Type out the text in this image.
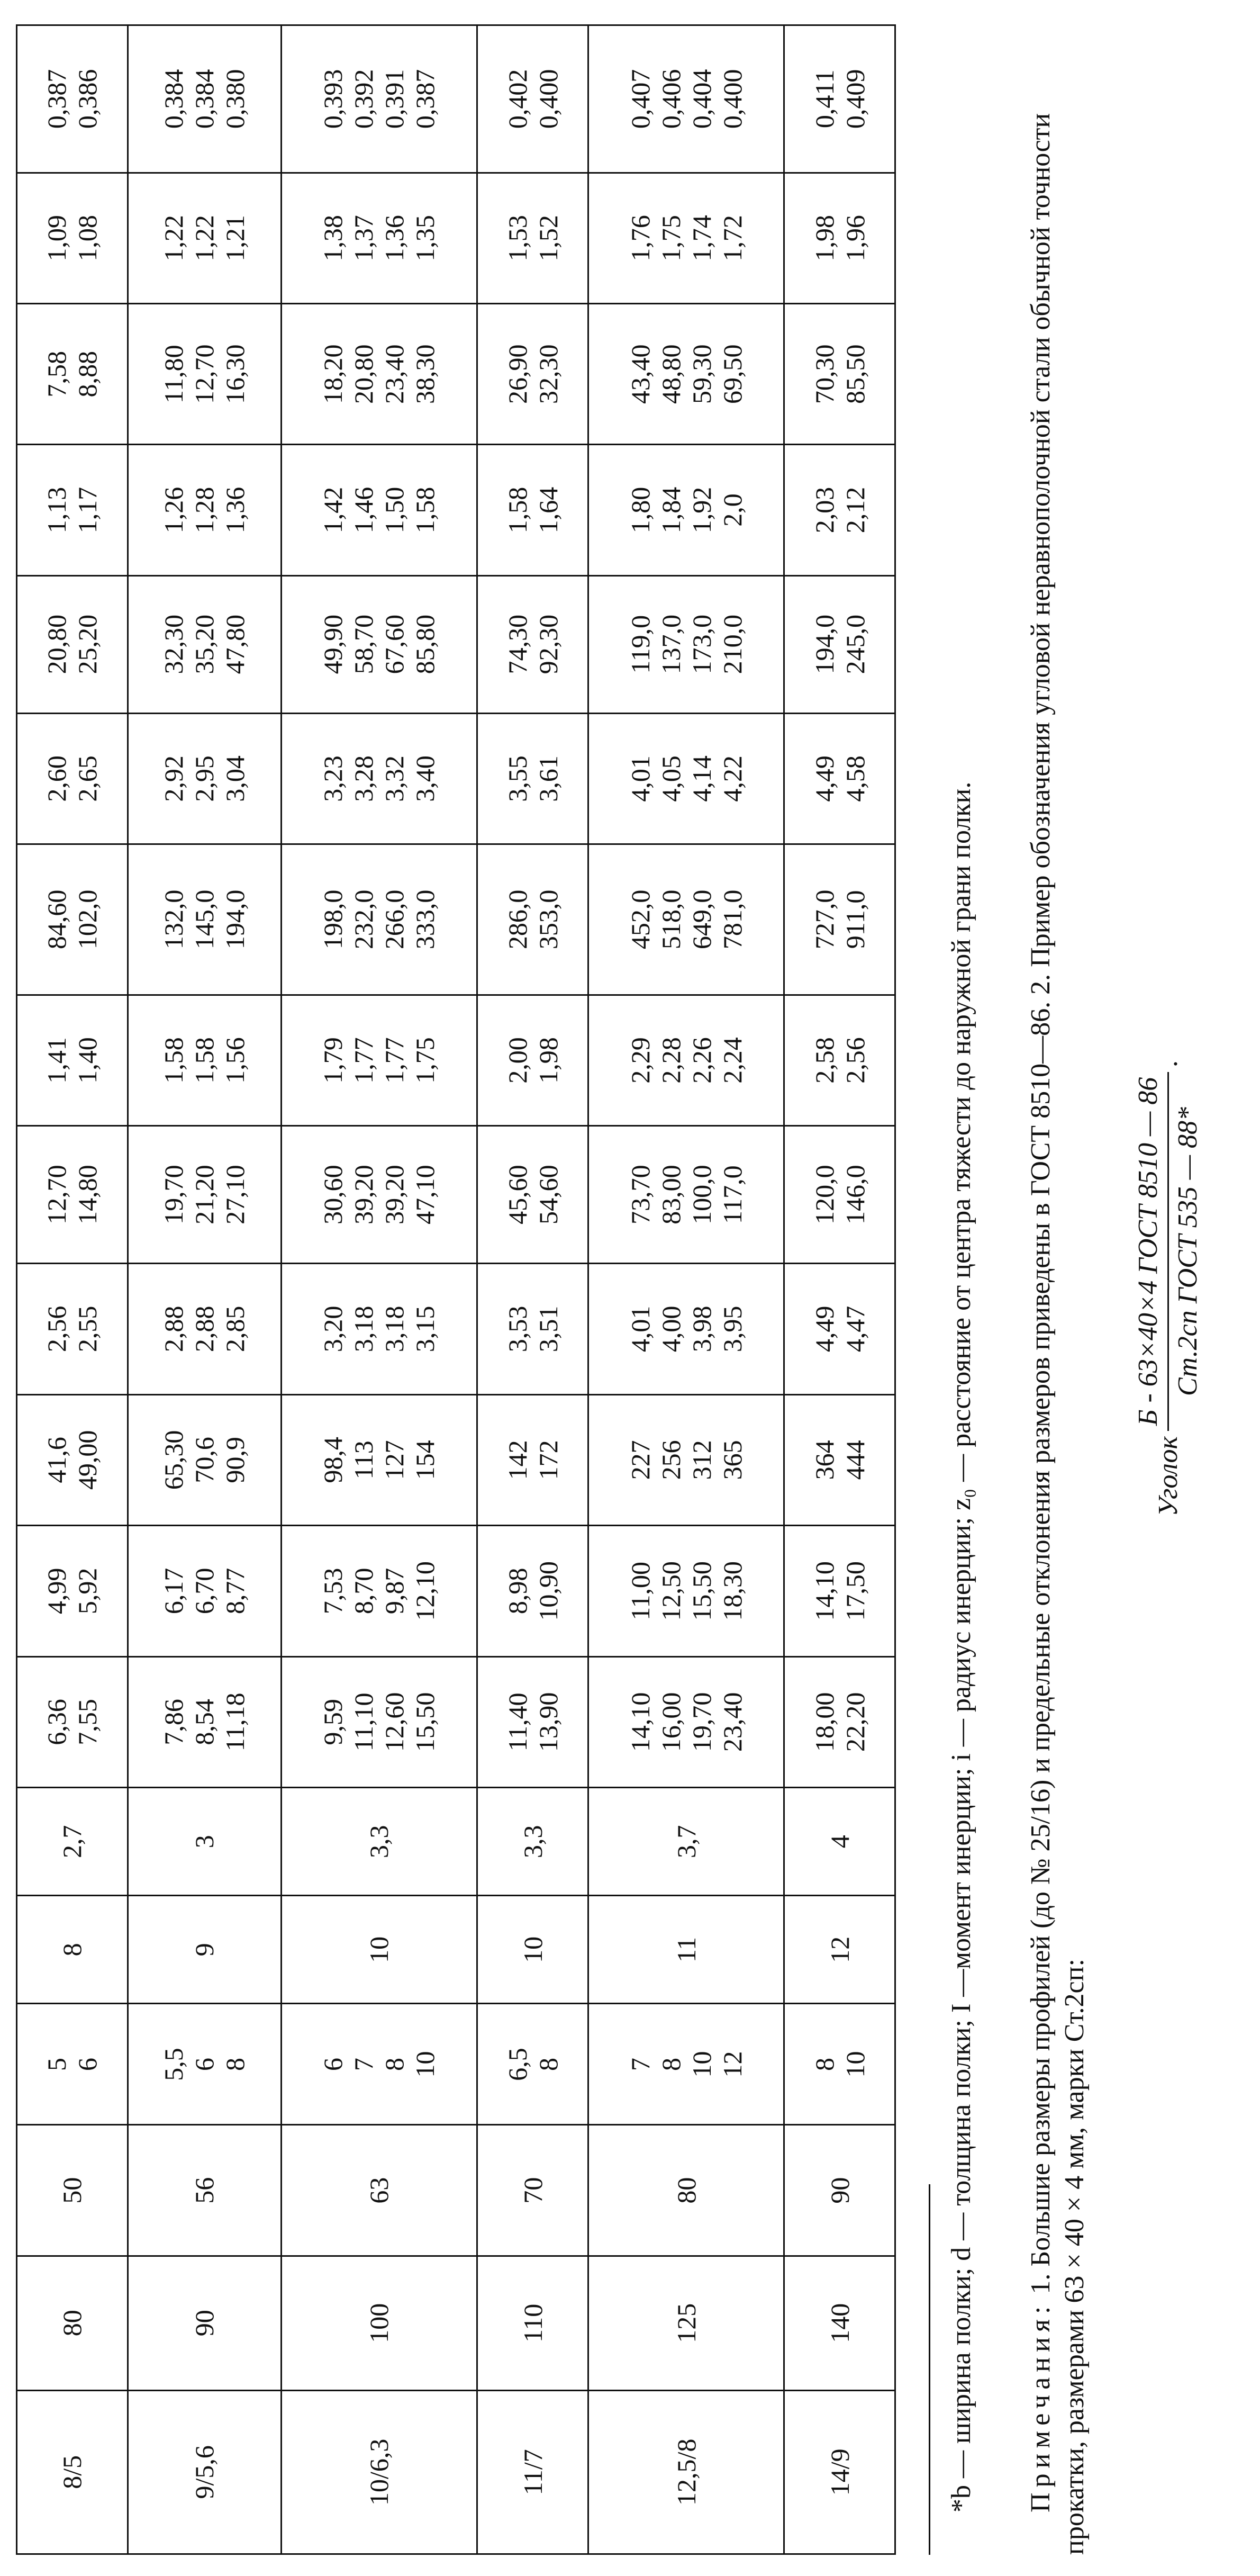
8/5	80	50	5 6	8	2,7	6,36 7,55	4,99 5,92	41,6 49,00	2,56 2,55	12,70 14,80	1,41 1,40	84,60 102,0	2,60 2,65	20,80 25,20	1,13 1,17	7,58 8,88	1,09 1,08	0,387 0,386

9/5,6	90	56	5,5 6 8	9	3	7,86 8,54 11,18	6,17 6,70 8,77	65,30 70,6 90,9	2,88 2,88 2,85	19,70 21,20 27,10	1,58 1,58 1,56	132,0 145,0 194,0	2,92 2,95 3,04	32,30 35,20 47,80	1,26 1,28 1,36	11,80 12,70 16,30	1,22 1,22 1,21	0,384 0,384 0,380

10/6,3	100	63	6 7 8 10	10	3,3	9,59 11,10 12,60 15,50	7,53 8,70 9,87 12,10	98,4 113 127 154	3,20 3,18 3,18 3,15	30,60 39,20 39,20 47,10	1,79 1,77 1,77 1,75	198,0 232,0 266,0 333,0	3,23 3,28 3,32 3,40	49,90 58,70 67,60 85,80	1,42 1,46 1,50 1,58	18,20 20,80 23,40 38,30	1,38 1,37 1,36 1,35	0,393 0,392 0,391 0,387

11/7	110	70	6,5 8	10	3,3	11,40 13,90	8,98 10,90	142 172	3,53 3,51	45,60 54,60	2,00 1,98	286,0 353,0	3,55 3,61	74,30 92,30	1,58 1,64	26,90 32,30	1,53 1,52	0,402 0,400

12,5/8	125	80	7 8 10 12	11	3,7	14,10 16,00 19,70 23,40	11,00 12,50 15,50 18,30	227 256 312 365	4,01 4,00 3,98 3,95	73,70 83,00 100,0 117,0	2,29 2,28 2,26 2,24	452,0 518,0 649,0 781,0	4,01 4,05 4,14 4,22	119,0 137,0 173,0 210,0	1,80 1,84 1,92 2,0	43,40 48,80 59,30 69,50	1,76 1,75 1,74 1,72	0,407 0,406 0,404 0,400

14/9	140	90	8 10	12	4	18,00 22,20	14,10 17,50	364 444	4,49 4,47	120,0 146,0	2,58 2,56	727,0 911,0	4,49 4,58	194,0 245,0	2,03 2,12	70,30 85,50	1,98 1,96	0,411 0,409

*b — ширина полки; d — толщина полки; I —момент инерции; i — радиус инерции; z₀ — расстояние от центра тяжести до наружной грани полки. Примечания: 1. Большие размеры профилей (до № 25/16) и предельные отклонения размеров приведены в ГОСТ 8510—86. 2. Пример обозначения угловой неравнополочной стали обычной точности прокатки, размерами 63 × 40 × 4 мм, марки Ст.2сп:

Уголок
Б - 63×40×4 ГОСТ 8510 — 86 Ст.2сп ГОСТ 535 — 88*
.
